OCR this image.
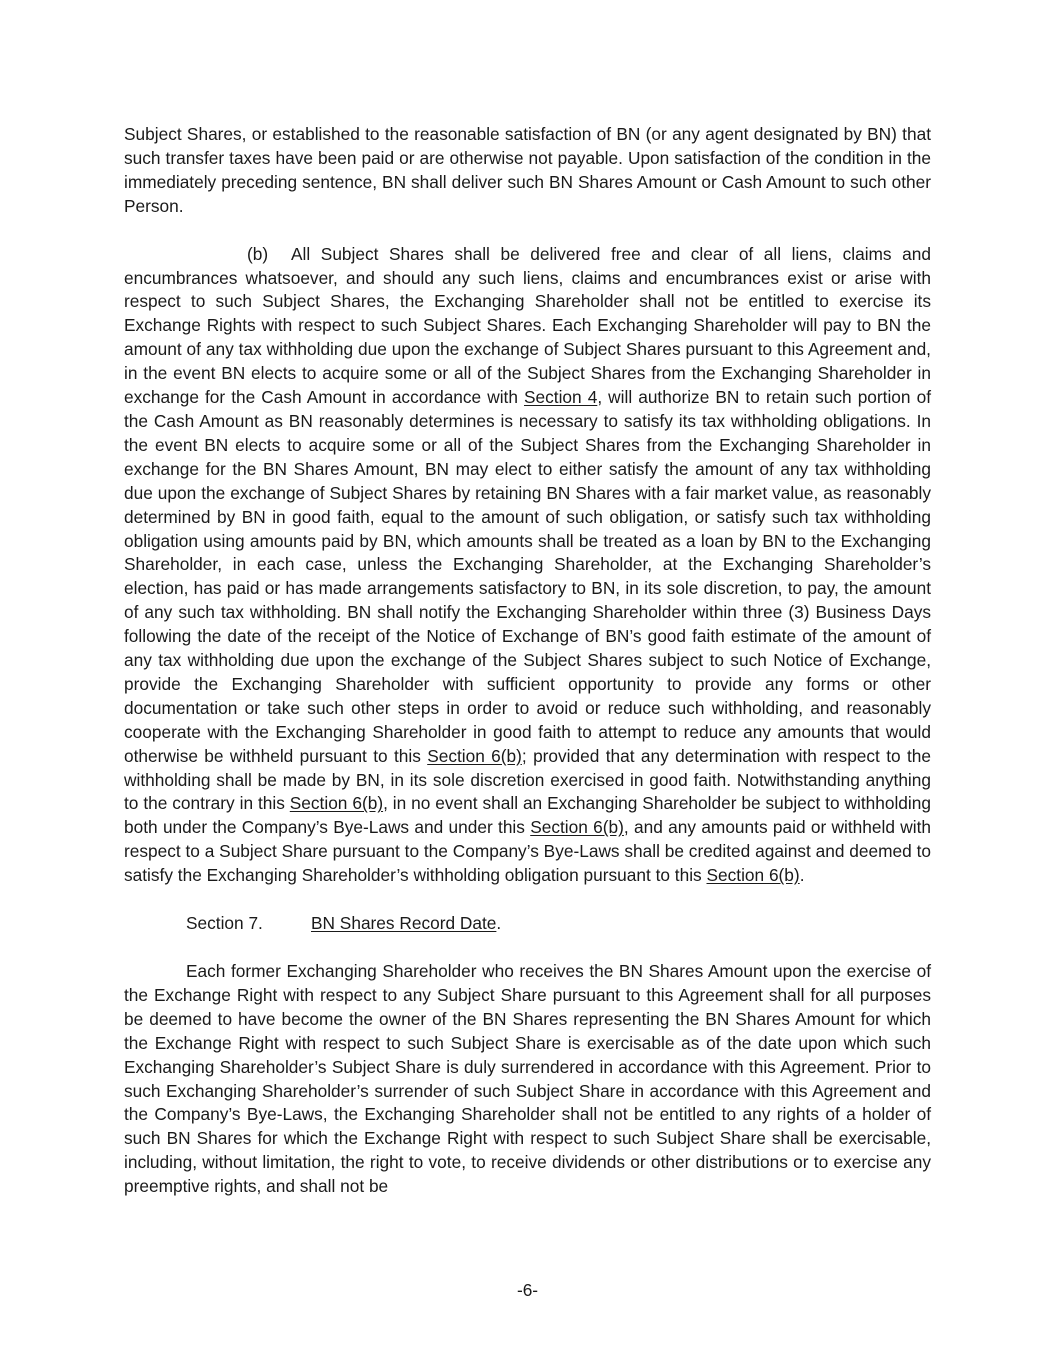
Subject Shares, or established to the reasonable satisfaction of BN (or any agent designated by BN) that such transfer taxes have been paid or are otherwise not payable. Upon satisfaction of the condition in the immediately preceding sentence, BN shall deliver such BN Shares Amount or Cash Amount to such other Person.

(b) All Subject Shares shall be delivered free and clear of all liens, claims and encumbrances whatsoever, and should any such liens, claims and encumbrances exist or arise with respect to such Subject Shares, the Exchanging Shareholder shall not be entitled to exercise its Exchange Rights with respect to such Subject Shares. Each Exchanging Shareholder will pay to BN the amount of any tax withholding due upon the exchange of Subject Shares pursuant to this Agreement and, in the event BN elects to acquire some or all of the Subject Shares from the Exchanging Shareholder in exchange for the Cash Amount in accordance with Section 4, will authorize BN to retain such portion of the Cash Amount as BN reasonably determines is necessary to satisfy its tax withholding obligations. In the event BN elects to acquire some or all of the Subject Shares from the Exchanging Shareholder in exchange for the BN Shares Amount, BN may elect to either satisfy the amount of any tax withholding due upon the exchange of Subject Shares by retaining BN Shares with a fair market value, as reasonably determined by BN in good faith, equal to the amount of such obligation, or satisfy such tax withholding obligation using amounts paid by BN, which amounts shall be treated as a loan by BN to the Exchanging Shareholder, in each case, unless the Exchanging Shareholder, at the Exchanging Shareholder’s election, has paid or has made arrangements satisfactory to BN, in its sole discretion, to pay, the amount of any such tax withholding. BN shall notify the Exchanging Shareholder within three (3) Business Days following the date of the receipt of the Notice of Exchange of BN’s good faith estimate of the amount of any tax withholding due upon the exchange of the Subject Shares subject to such Notice of Exchange, provide the Exchanging Shareholder with sufficient opportunity to provide any forms or other documentation or take such other steps in order to avoid or reduce such withholding, and reasonably cooperate with the Exchanging Shareholder in good faith to attempt to reduce any amounts that would otherwise be withheld pursuant to this Section 6(b); provided that any determination with respect to the withholding shall be made by BN, in its sole discretion exercised in good faith. Notwithstanding anything to the contrary in this Section 6(b), in no event shall an Exchanging Shareholder be subject to withholding both under the Company’s Bye-Laws and under this Section 6(b), and any amounts paid or withheld with respect to a Subject Share pursuant to the Company’s Bye-Laws shall be credited against and deemed to satisfy the Exchanging Shareholder’s withholding obligation pursuant to this Section 6(b).

Section 7.	BN Shares Record Date.

Each former Exchanging Shareholder who receives the BN Shares Amount upon the exercise of the Exchange Right with respect to any Subject Share pursuant to this Agreement shall for all purposes be deemed to have become the owner of the BN Shares representing the BN Shares Amount for which the Exchange Right with respect to such Subject Share is exercisable as of the date upon which such Exchanging Shareholder’s Subject Share is duly surrendered in accordance with this Agreement. Prior to such Exchanging Shareholder’s surrender of such Subject Share in accordance with this Agreement and the Company’s Bye-Laws, the Exchanging Shareholder shall not be entitled to any rights of a holder of such BN Shares for which the Exchange Right with respect to such Subject Share shall be exercisable, including, without limitation, the right to vote, to receive dividends or other distributions or to exercise any preemptive rights, and shall not be

-6-
